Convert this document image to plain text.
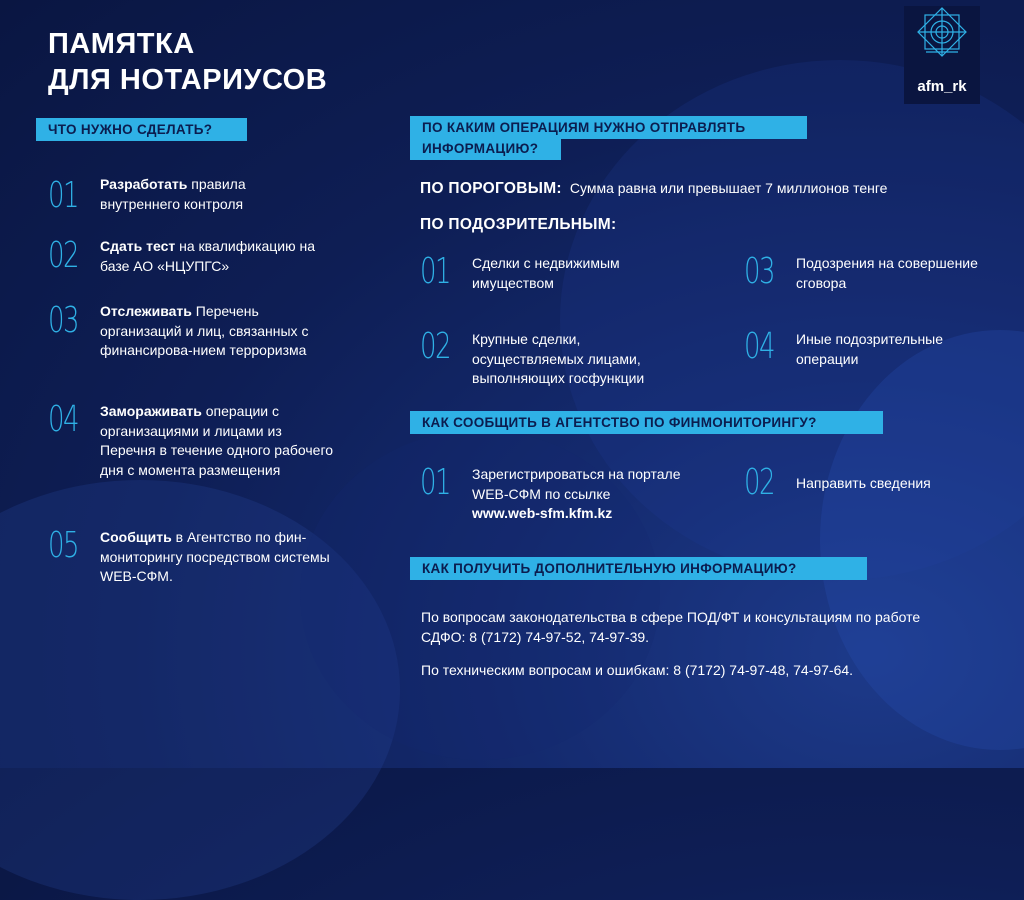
ПАМЯТКА
ДЛЯ НОТАРИУСОВ	afm_rk
ЧТО НУЖНО СДЕЛАТЬ?
01 Разработать правила внутреннего контроля
02 Сдать тест на квалификацию на базе АО «НЦУПГС»
03 Отслеживать Перечень организаций и лиц, связанных с финансирова-нием терроризма
04 Замораживать операции с организациями и лицами из Перечня в течение одного рабочего дня с момента размещения
05 Сообщить в Агентство по фин-мониторингу посредством системы WEB-СФМ.
ПО КАКИМ ОПЕРАЦИЯМ НУЖНО ОТПРАВЛЯТЬ
ИНФОРМАЦИЮ?
ПО ПОРОГОВЫМ: Сумма равна или превышает 7 миллионов тенге
ПО ПОДОЗРИТЕЛЬНЫМ:
01 Сделки с недвижимым имуществом
02 Крупные сделки, осуществляемых лицами, выполняющих госфункции
03 Подозрения на совершение сговора
04 Иные подозрительные операции
КАК СООБЩИТЬ В АГЕНТСТВО ПО ФИНМОНИТОРИНГУ?
01 Зарегистрироваться на портале WEB-СФМ по ссылке
www.web-sfm.kfm.kz
02 Направить сведения
КАК ПОЛУЧИТЬ ДОПОЛНИТЕЛЬНУЮ ИНФОРМАЦИЮ?
По вопросам законодательства в сфере ПОД/ФТ и консультациям по работе СДФО: 8 (7172) 74-97-52, 74-97-39.
По техническим вопросам и ошибкам: 8 (7172) 74-97-48, 74-97-64.
